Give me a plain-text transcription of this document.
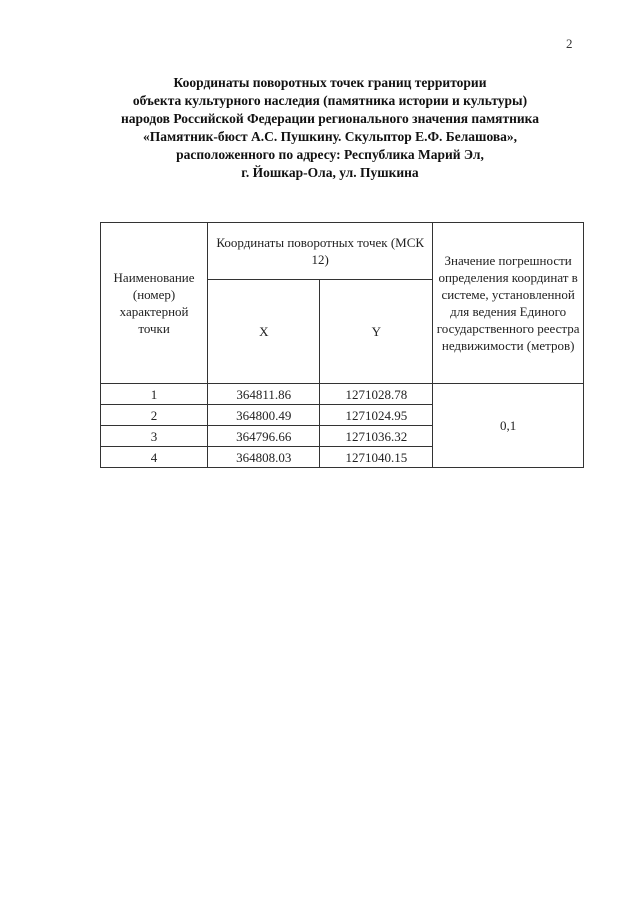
2
Координаты поворотных точек границ территории
объекта культурного наследия (памятника истории и культуры)
народов Российской Федерации регионального значения памятника
«Памятник-бюст А.С. Пушкину. Скульптор Е.Ф. Белашова»,
расположенного по адресу: Республика Марий Эл,
г. Йошкар-Ола, ул. Пушкина
Наименование (номер) характерной точки	Координаты поворотных точек (МСК 12)		Значение погрешности определения координат в системе, установленной для ведения Единого государственного реестра недвижимости (метров)
	X	Y	
1	364811.86	1271028.78	0,1
2	364800.49	1271024.95	
3	364796.66	1271036.32	
4	364808.03	1271040.15	
